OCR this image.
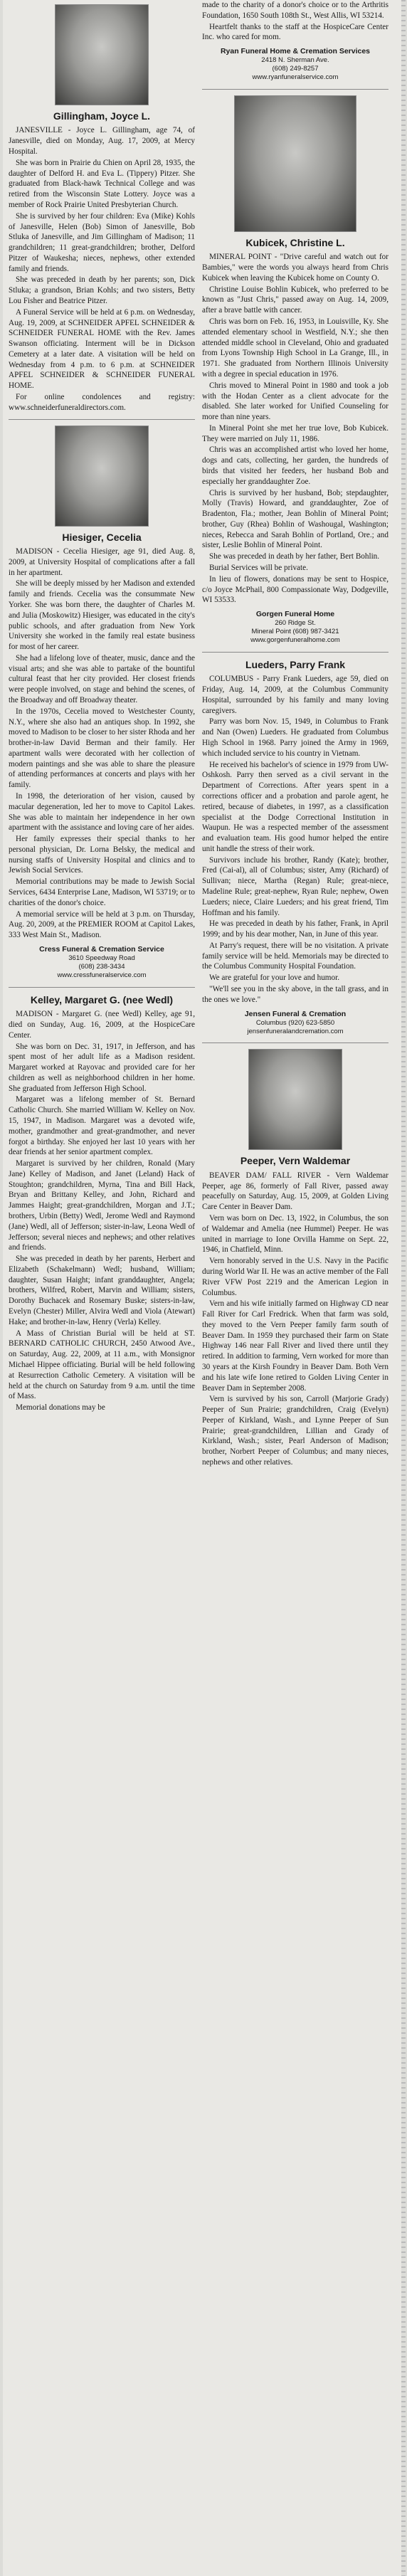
Gillingham, Joyce L.

JANESVILLE - Joyce L. Gillingham, age 74, of Janesville, died on Monday, Aug. 17, 2009, at Mercy Hospital.

She was born in Prairie du Chien on April 28, 1935, the daughter of Delford H. and Eva L. (Tippery) Pitzer. She graduated from Black-hawk Technical College and was retired from the Wisconsin State Lottery. Joyce was a member of Rock Prairie United Presbyterian Church.

She is survived by her four children: Eva (Mike) Kohls of Janesville, Helen (Bob) Simon of Janesville, Bob Stluka of Janesville, and Jim Gillingham of Madison; 11 grandchildren; 11 great-grandchildren; brother, Delford Pitzer of Waukesha; nieces, nephews, other extended family and friends.

She was preceded in death by her parents; son, Dick Stluka; a grandson, Brian Kohls; and two sisters, Betty Lou Fisher and Beatrice Pitzer.

A Funeral Service will be held at 6 p.m. on Wednesday, Aug. 19, 2009, at SCHNEIDER APFEL SCHNEIDER & SCHNEIDER FUNERAL HOME with the Rev. James Swanson officiating. Interment will be in Dickson Cemetery at a later date. A visitation will be held on Wednesday from 4 p.m. to 6 p.m. at SCHNEIDER APFEL SCHNEIDER & SCHNEIDER FUNERAL HOME.

For online condolences and registry: www.schneiderfuneraldirectors.com.

Hiesiger, Cecelia

MADISON - Cecelia Hiesiger, age 91, died Aug. 8, 2009, at University Hospital of complications after a fall in her apartment.

She will be deeply missed by her Madison and extended family and friends. Cecelia was the consummate New Yorker. She was born there, the daughter of Charles M. and Julia (Moskowitz) Hiesiger, was educated in the city's public schools, and after graduation from New York University she worked in the family real estate business for most of her career.

She had a lifelong love of theater, music, dance and the visual arts; and she was able to partake of the bountiful cultural feast that her city provided. Her closest friends were people involved, on stage and behind the scenes, of the Broadway and off Broadway theater.

In the 1970s, Cecelia moved to Westchester County, N.Y., where she also had an antiques shop. In 1992, she moved to Madison to be closer to her sister Rhoda and her brother-in-law David Berman and their family. Her apartment walls were decorated with her collection of modern paintings and she was able to share the pleasure of attending performances at concerts and plays with her family.

In 1998, the deterioration of her vision, caused by macular degeneration, led her to move to Capitol Lakes. She was able to maintain her independence in her own apartment with the assistance and loving care of her aides.

Her family expresses their special thanks to her personal physician, Dr. Lorna Belsky, the medical and nursing staffs of University Hospital and clinics and to Jewish Social Services.

Memorial contributions may be made to Jewish Social Services, 6434 Enterprise Lane, Madison, WI 53719; or to charities of the donor's choice.

A memorial service will be held at 3 p.m. on Thursday, Aug. 20, 2009, at the PREMIER ROOM at Capitol Lakes, 333 West Main St., Madison.

Cress Funeral & Cremation Service
3610 Speedway Road
(608) 238-3434
www.cressfuneralservice.com
Kelley, Margaret G. (nee Wedl)

MADISON - Margaret G. (nee Wedl) Kelley, age 91, died on Sunday, Aug. 16, 2009, at the HospiceCare Center.

She was born on Dec. 31, 1917, in Jefferson, and has spent most of her adult life as a Madison resident. Margaret worked at Rayovac and provided care for her children as well as neighborhood children in her home. She graduated from Jefferson High School.

Margaret was a lifelong member of St. Bernard Catholic Church. She married William W. Kelley on Nov. 15, 1947, in Madison. Margaret was a devoted wife, mother, grandmother and great-grandmother, and never forgot a birthday. She enjoyed her last 10 years with her dear friends at her senior apartment complex.

Margaret is survived by her children, Ronald (Mary Jane) Kelley of Madison, and Janet (Leland) Hack of Stoughton; grandchildren, Myrna, Tina and Bill Hack, Bryan and Brittany Kelley, and John, Richard and Jammes Haight; great-grandchildren, Morgan and J.T.; brothers, Urbin (Betty) Wedl, Jerome Wedl and Raymond (Jane) Wedl, all of Jefferson; sister-in-law, Leona Wedl of Jefferson; several nieces and nephews; and other relatives and friends.

She was preceded in death by her parents, Herbert and Elizabeth (Schakelmann) Wedl; husband, William; daughter, Susan Haight; infant granddaughter, Angela; brothers, Wilfred, Robert, Marvin and William; sisters, Dorothy Buchacek and Rosemary Buske; sisters-in-law, Evelyn (Chester) Miller, Alvira Wedl and Viola (Atewart) Hake; and brother-in-law, Henry (Verla) Kelley.

A Mass of Christian Burial will be held at ST. BERNARD CATHOLIC CHURCH, 2450 Atwood Ave., on Saturday, Aug. 22, 2009, at 11 a.m., with Monsignor Michael Hippee officiating. Burial will be held following at Resurrection Catholic Cemetery. A visitation will be held at the church on Saturday from 9 a.m. until the time of Mass.

Memorial donations may be

made to the charity of a donor's choice or to the Arthritis Foundation, 1650 South 108th St., West Allis, WI 53214.

Heartfelt thanks to the staff at the HospiceCare Center Inc. who cared for mom.

Ryan Funeral Home & Cremation Services
2418 N. Sherman Ave.
(608) 249-8257
www.ryanfuneralservice.com
Kubicek, Christine L.

MINERAL POINT - "Drive careful and watch out for Bambies," were the words you always heard from Chris Kubicek when leaving the Kubicek home on County O.

Christine Louise Bohlin Kubicek, who preferred to be known as "Just Chris," passed away on Aug. 14, 2009, after a brave battle with cancer.

Chris was born on Feb. 16, 1953, in Louisville, Ky. She attended elementary school in Westfield, N.Y.; she then attended middle school in Cleveland, Ohio and graduated from Lyons Township High School in La Grange, Ill., in 1971. She graduated from Northern Illinois University with a degree in special education in 1976.

Chris moved to Mineral Point in 1980 and took a job with the Hodan Center as a client advocate for the disabled. She later worked for Unified Counseling for more than nine years.

In Mineral Point she met her true love, Bob Kubicek. They were married on July 11, 1986.

Chris was an accomplished artist who loved her home, dogs and cats, collecting, her garden, the hundreds of birds that visited her feeders, her husband Bob and especially her granddaughter Zoe.

Chris is survived by her husband, Bob; stepdaughter, Molly (Travis) Howard, and granddaughter, Zoe of Bradenton, Fla.; mother, Jean Bohlin of Mineral Point; brother, Guy (Rhea) Bohlin of Washougal, Washington; nieces, Rebecca and Sarah Bohlin of Portland, Ore.; and sister, Leslie Bohlin of Mineral Point.

She was preceded in death by her father, Bert Bohlin.

Burial Services will be private.

In lieu of flowers, donations may be sent to Hospice, c/o Joyce McPhail, 800 Compassionate Way, Dodgeville, WI 53533.

Gorgen Funeral Home
260 Ridge St.
Mineral Point (608) 987-3421
www.gorgenfuneralhome.com
Lueders, Parry Frank

COLUMBUS - Parry Frank Lueders, age 59, died on Friday, Aug. 14, 2009, at the Columbus Community Hospital, surrounded by his family and many loving caregivers.

Parry was born Nov. 15, 1949, in Columbus to Frank and Nan (Owen) Lueders. He graduated from Columbus High School in 1968. Parry joined the Army in 1969, which included service to his country in Vietnam.

He received his bachelor's of science in 1979 from UW-Oshkosh. Parry then served as a civil servant in the Department of Corrections. After years spent in a corrections officer and a probation and parole agent, he retired, because of diabetes, in 1997, as a classification specialist at the Dodge Correctional Institution in Waupun. He was a respected member of the assessment and evaluation team. His good humor helped the entire unit handle the stress of their work.

Survivors include his brother, Randy (Kate); brother, Fred (Cai-al), all of Columbus; sister, Amy (Richard) of Sullivan; niece, Martha (Regan) Rule; great-niece, Madeline Rule; great-nephew, Ryan Rule; nephew, Owen Lueders; niece, Claire Lueders; and his great friend, Tim Hoffman and his family.

He was preceded in death by his father, Frank, in April 1999; and by his dear mother, Nan, in June of this year.

At Parry's request, there will be no visitation. A private family service will be held. Memorials may be directed to the Columbus Community Hospital Foundation.

We are grateful for your love and humor.

"We'll see you in the sky above, in the tall grass, and in the ones we love."

Jensen Funeral & Cremation
Columbus (920) 623-5850
jensenfuneralandcremation.com
Peeper, Vern Waldemar

BEAVER DAM/ FALL RIVER - Vern Waldemar Peeper, age 86, formerly of Fall River, passed away peacefully on Saturday, Aug. 15, 2009, at Golden Living Care Center in Beaver Dam.

Vern was born on Dec. 13, 1922, in Columbus, the son of Waldemar and Amelia (nee Hummel) Peeper. He was united in marriage to Ione Orvilla Hamme on Sept. 22, 1946, in Chatfield, Minn.

Vern honorably served in the U.S. Navy in the Pacific during World War II. He was an active member of the Fall River VFW Post 2219 and the American Legion in Columbus.

Vern and his wife initially farmed on Highway CD near Fall River for Carl Fredrick. When that farm was sold, they moved to the Vern Peeper family farm south of Beaver Dam. In 1959 they purchased their farm on State Highway 146 near Fall River and lived there until they retired. In addition to farming, Vern worked for more than 30 years at the Kirsh Foundry in Beaver Dam. Both Vern and his late wife Ione retired to Golden Living Center in Beaver Dam in September 2008.

Vern is survived by his son, Carroll (Marjorie Grady) Peeper of Sun Prairie; grandchildren, Craig (Evelyn) Peeper of Kirkland, Wash., and Lynne Peeper of Sun Prairie; great-grandchildren, Lillian and Grady of Kirkland, Wash.; sister, Pearl Anderson of Madison; brother, Norbert Peeper of Columbus; and many nieces, nephews and other relatives.
